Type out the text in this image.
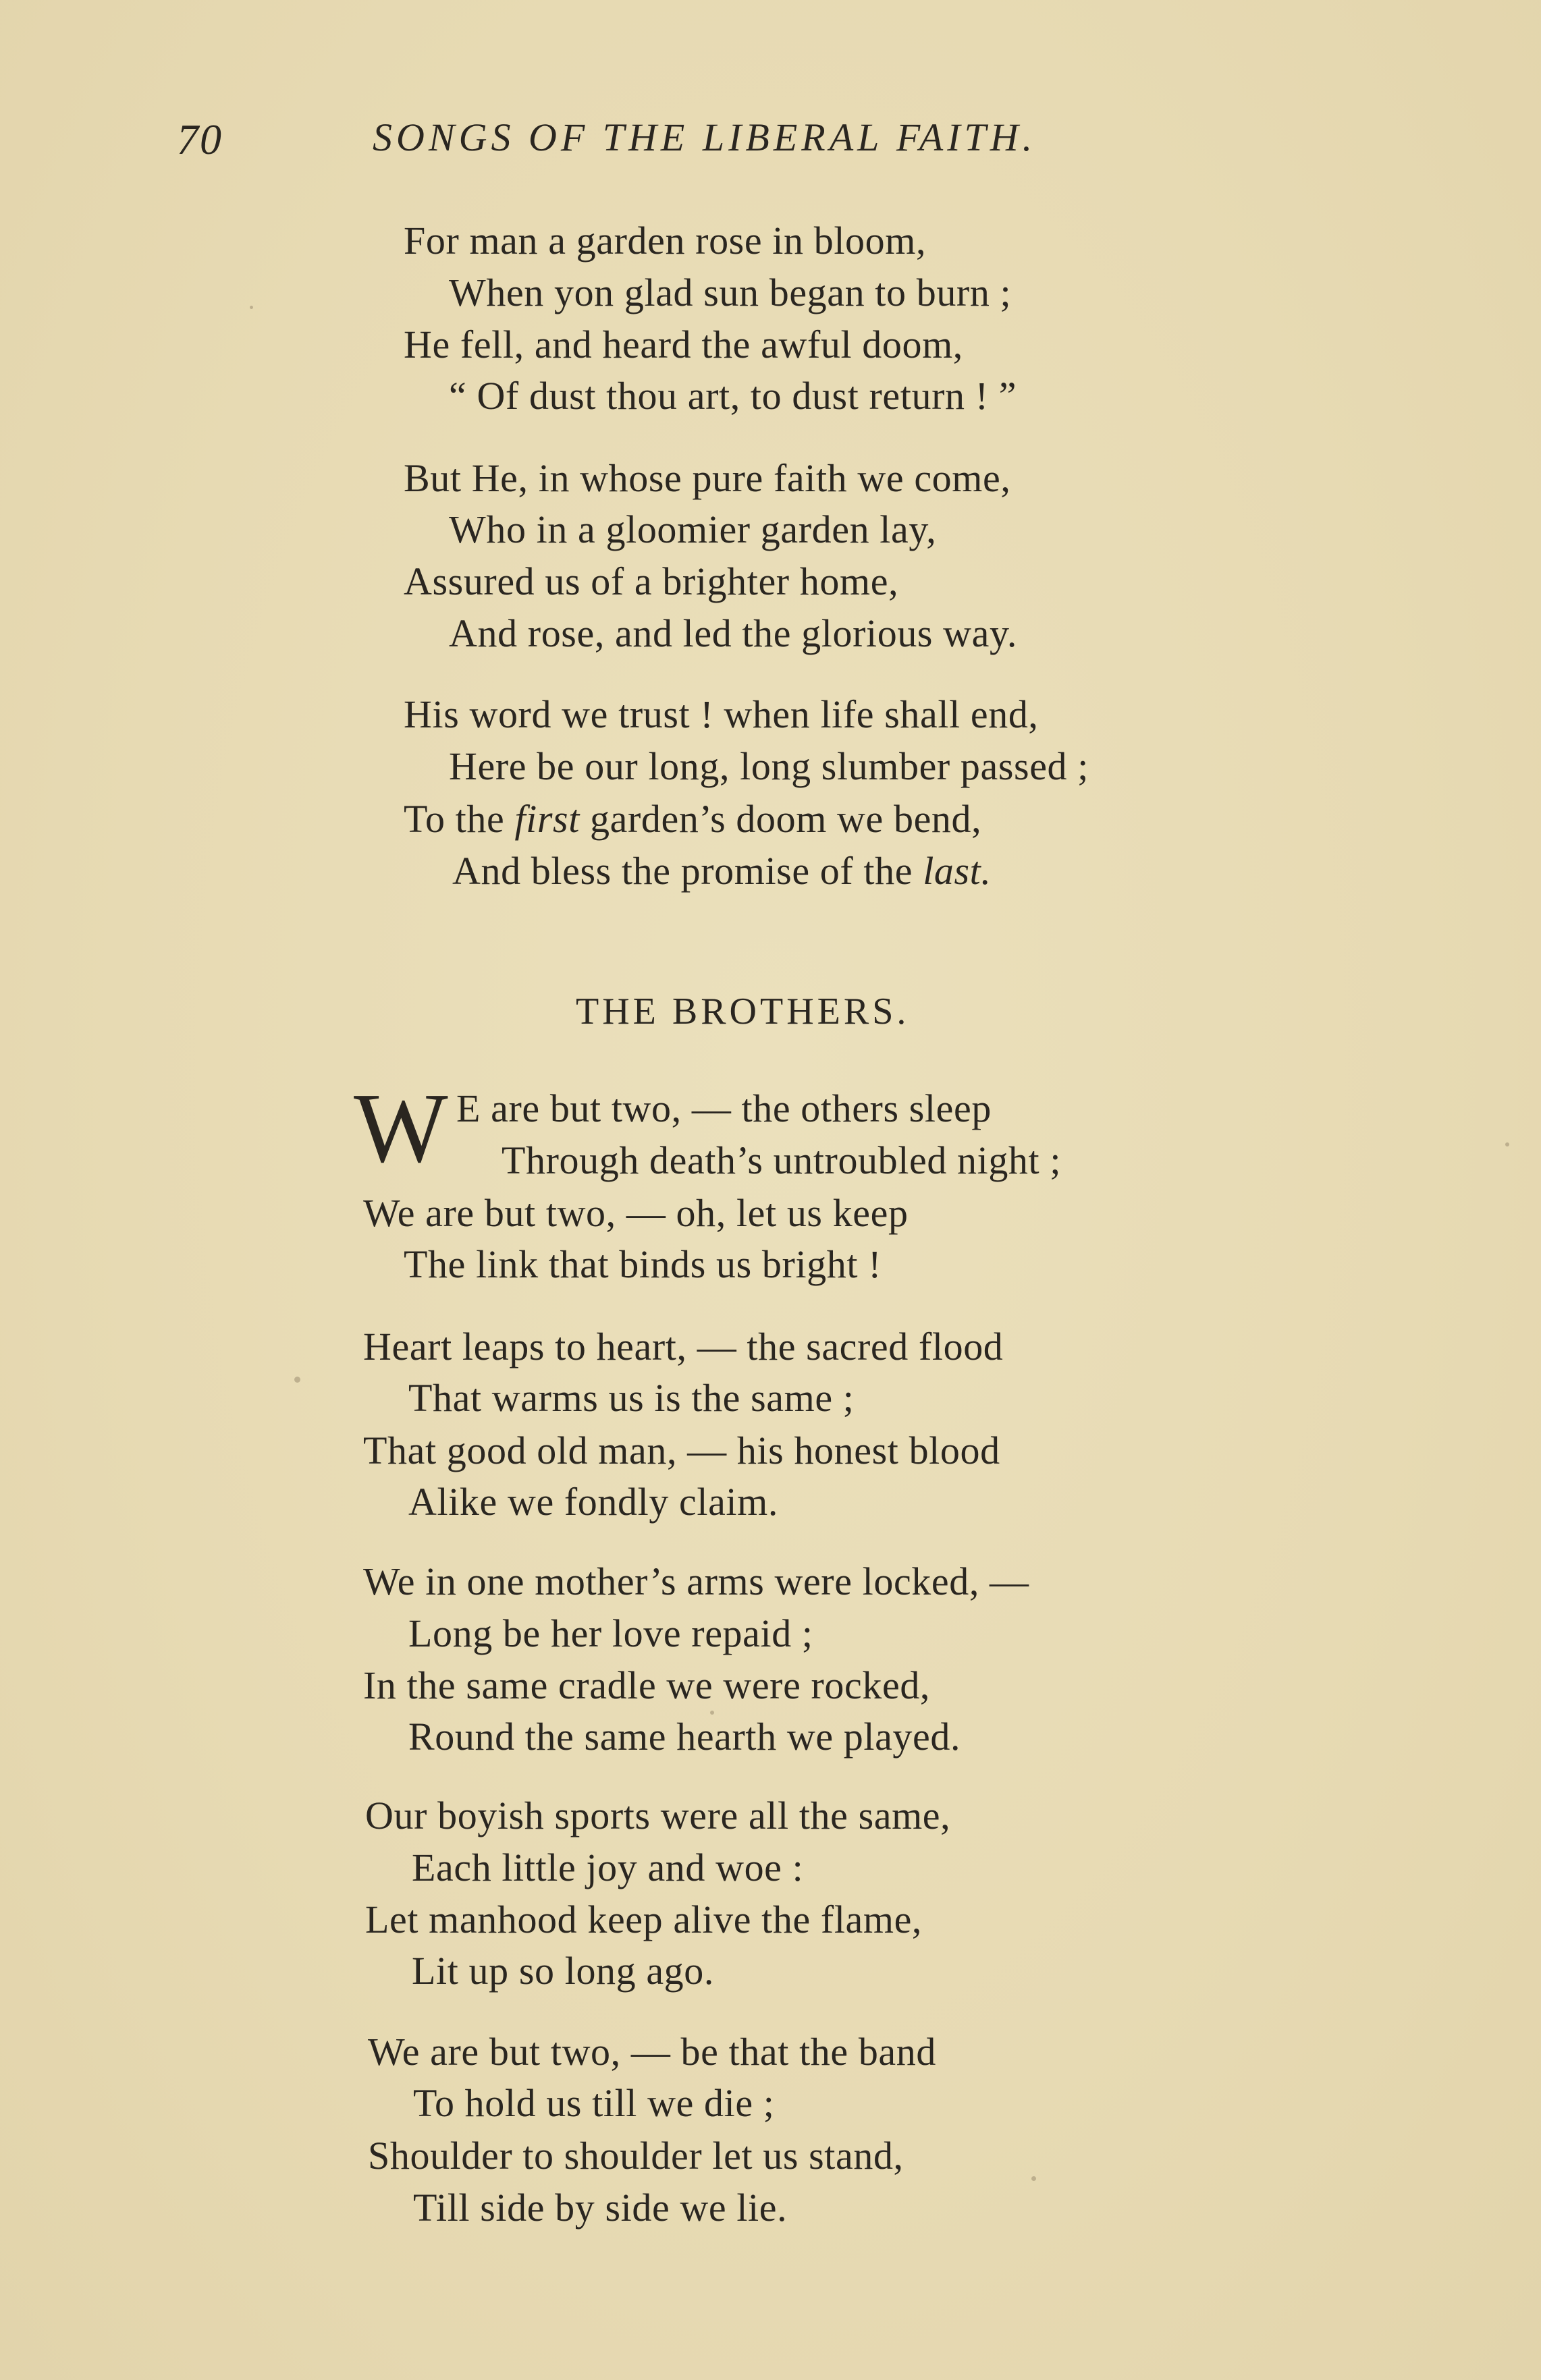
70	SONGS OF THE LIBERAL FAITH.
For man a garden rose in bloom,
When yon glad sun began to burn ;
He fell, and heard the awful doom,
“ Of dust thou art, to dust return ! ”
But He, in whose pure faith we come,
Who in a gloomier garden lay,
Assured us of a brighter home,
And rose, and led the glorious way.
His word we trust ! when life shall end,
Here be our long, long slumber passed ;
To the first garden’s doom we bend,
And bless the promise of the last.
THE BROTHERS.
W E are but two, — the others sleep
Through death’s untroubled night ;
We are but two, — oh, let us keep
The link that binds us bright !
Heart leaps to heart, — the sacred flood
That warms us is the same ;
That good old man, — his honest blood
Alike we fondly claim.
We in one mother’s arms were locked, —
Long be her love repaid ;
In the same cradle we were rocked,
Round the same hearth we played.
Our boyish sports were all the same,
Each little joy and woe :
Let manhood keep alive the flame,
Lit up so long ago.
We are but two, — be that the band
To hold us till we die ;
Shoulder to shoulder let us stand,
Till side by side we lie.
